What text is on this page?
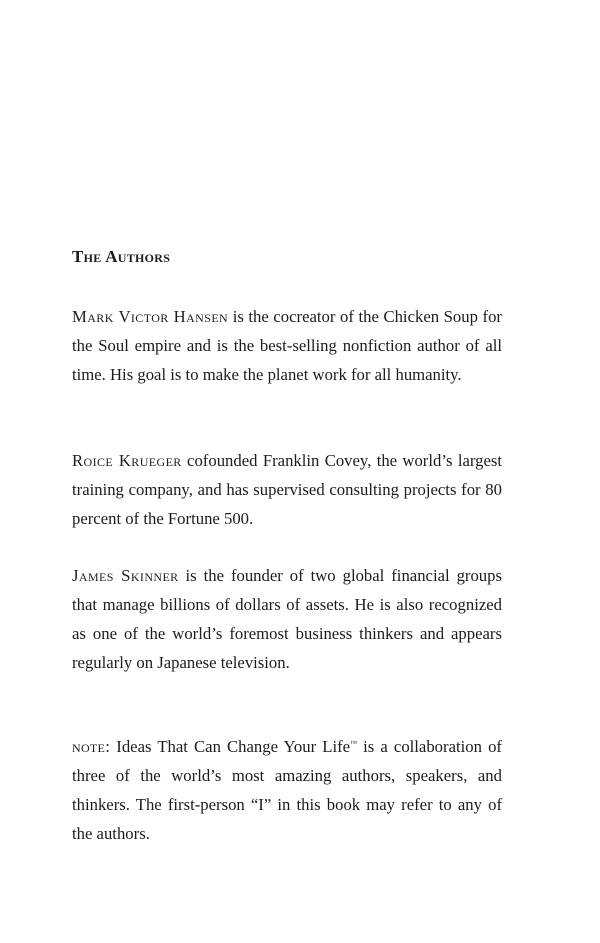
The Authors

Mark Victor Hansen is the cocreator of the Chicken Soup for the Soul empire and is the best-selling nonfiction author of all time. His goal is to make the planet work for all humanity.

Roice Krueger cofounded Franklin Covey, the world’s largest training company, and has supervised consulting projects for 80 percent of the Fortune 500.

James Skinner is the founder of two global financial groups that manage billions of dollars of assets. He is also recognized as one of the world’s foremost business thinkers and appears regularly on Japanese television.

note: Ideas That Can Change Your Life™ is a collaboration of three of the world’s most amazing authors, speakers, and thinkers. The first-person “I” in this book may refer to any of the authors.
